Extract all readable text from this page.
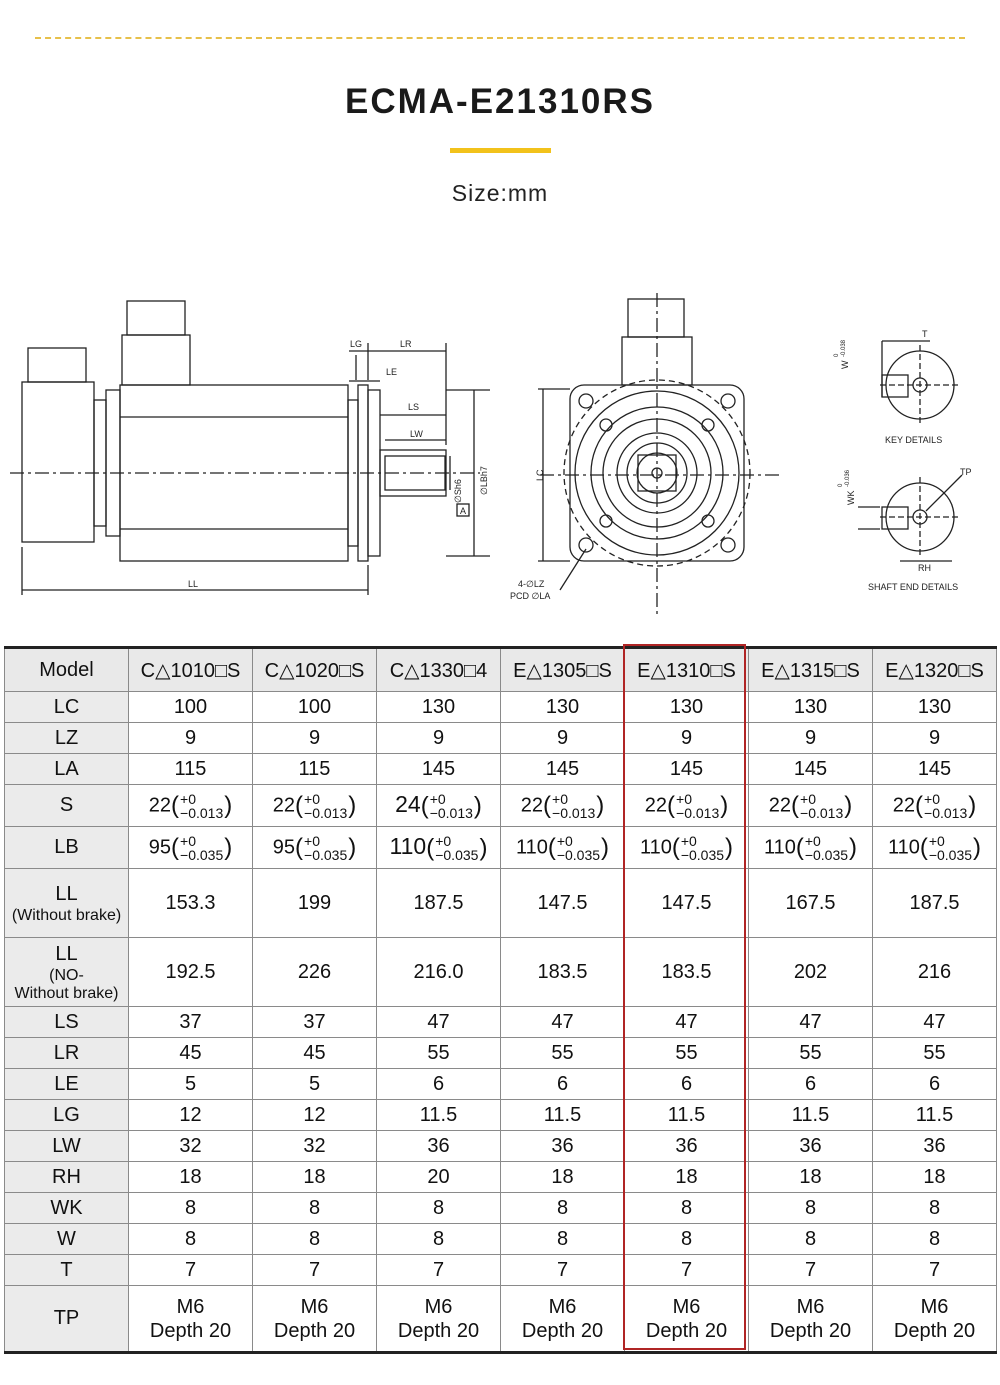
ECMA-E21310RS
Size:mm
LG	LR
LE
LS
LW
∅Sh6 ∅LBh7
A
LL
LC
4-∅LZ
PCD ∅LA
T
W
0 -0.038
KEY DETAILS
TP
WK
0 -0.036
RH
SHAFT END DETAILS
Model	C△1010□S	C△1020□S	C△1330□4	E△1305□S	E△1310□S	E△1315□S	E△1320□S
LC	100	100	130	130	130	130	130
LZ	9	9	9	9	9	9	9
LA	115	115	145	145	145	145	145
S	22( +0
−0.013 )	22( +0
−0.013 )	24( +0
−0.013 )	22( +0
−0.013 )	22( +0
−0.013 )	22( +0
−0.013 )	22( +0
−0.013 )
LB	95( +0
−0.035 )	95( +0
−0.035 )	110( +0
−0.035 )	110( +0
−0.035 )	110( +0
−0.035 )	110( +0
−0.035 )	110( +0
−0.035 )

LL
(Without brake)	153.3	199	187.5	147.5	147.5	167.5	187.5

LL
(NO-
Without brake)	192.5	226	216.0	183.5	183.5	202	216
LS	37	37	47	47	47	47	47
LR	45	45	55	55	55	55	55
LE	5	5	6	6	6	6	6
LG	12	12	11.5	11.5	11.5	11.5	11.5
LW	32	32	36	36	36	36	36
RH	18	18	20	18	18	18	18
WK	8	8	8	8	8	8	8
W	8	8	8	8	8	8	8
T	7	7	7	7	7	7	7
TP	M6
Depth 20	M6
Depth 20	M6
Depth 20	M6
Depth 20	M6
Depth 20	M6
Depth 20	M6
Depth 20
